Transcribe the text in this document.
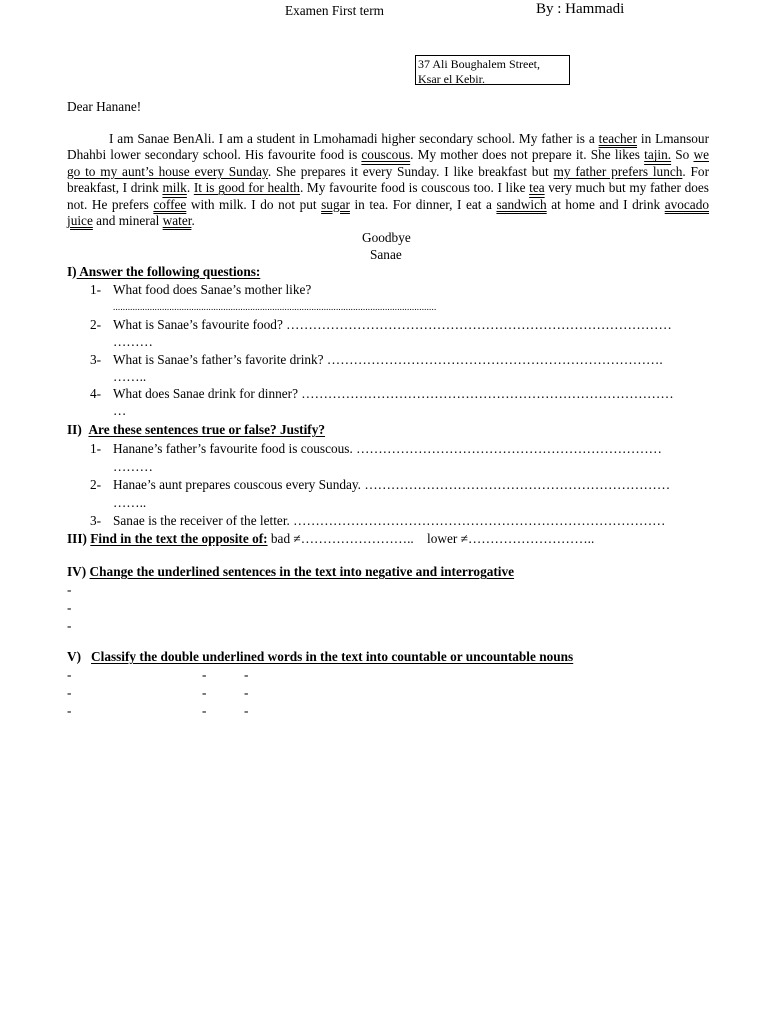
Examen First term	By : Hammadi
37 Ali Boughalem Street,
Ksar el Kebir.
Dear Hanane!
I am Sanae BenAli. I am a student in Lmohamadi higher secondary school. My father is a teacher in Lmansour Dhahbi lower secondary school. His favourite food is couscous. My mother does not prepare it. She likes tajin. So we go to my aunt’s house every Sunday. She prepares it every Sunday. I like breakfast but my father prefers lunch. For breakfast, I drink milk. It is good for health. My favourite food is couscous too. I like tea very much but my father does not. He prefers coffee with milk. I do not put sugar in tea. For dinner, I eat a sandwich at home and I drink avocado juice and mineral water.
Goodbye
Sanae
I) Answer the following questions:
1- What food does Sanae’s mother like?
....................................................................................................................................
2- What is Sanae’s favourite food? ……………………………………………………………………………
………
3- What is Sanae’s father’s favorite drink? ………………………………………………………………….
……..
4- What does Sanae drink for dinner? …………………………………………………………………………
…
II) Are these sentences true or false? Justify?
1- Hanane’s father’s favourite food is couscous. ……………………………………………………………
………
2- Hanae’s aunt prepares couscous every Sunday. ……………………………………………………………
……..
3- Sanae is the receiver of the letter. …………………………………………………………………………
III) Find in the text the opposite of: bad ≠…………………….. lower ≠………………………..
IV) Change the underlined sentences in the text into negative and interrogative
-
-
-
V) Classify the double underlined words in the text into countable or uncountable nouns
-	-	-
-	-	-
-	-	-
